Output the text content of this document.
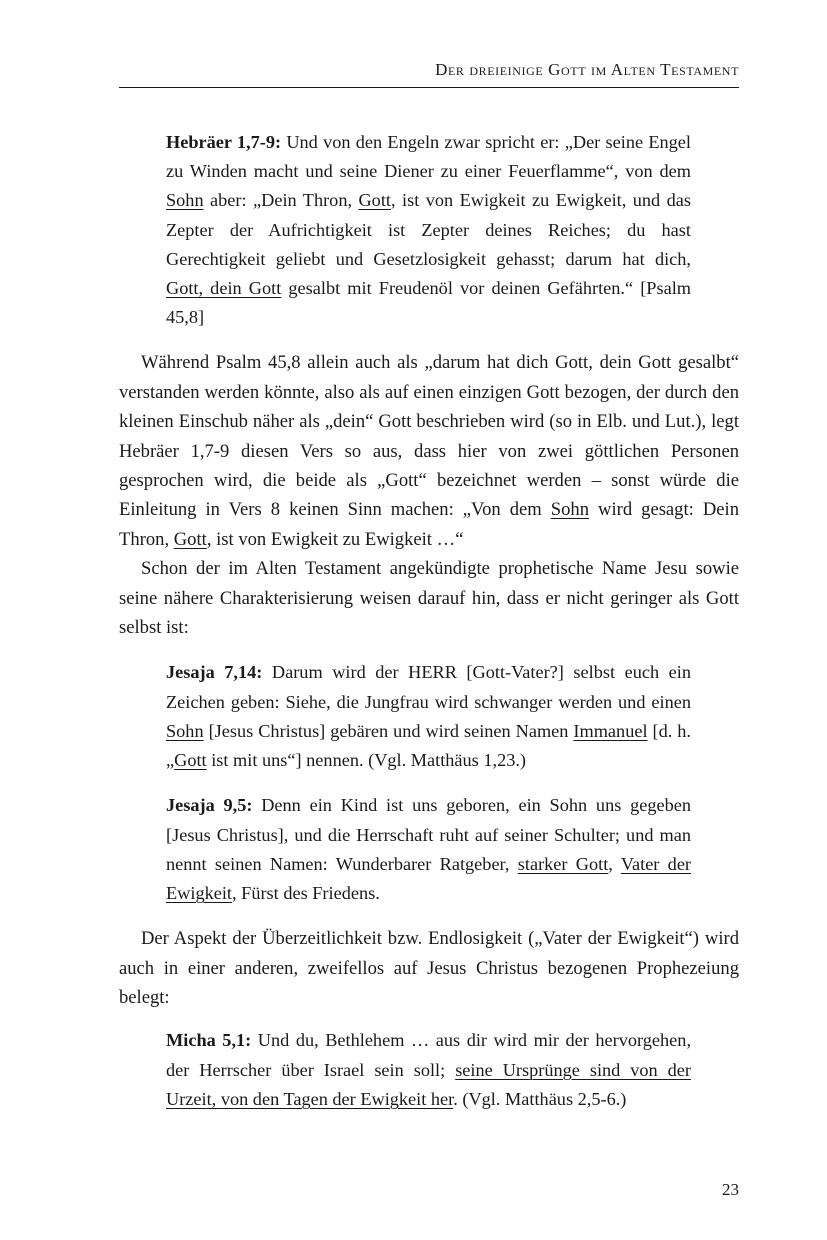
Der dreieinige Gott im Alten Testament

Hebräer 1,7-9: Und von den Engeln zwar spricht er: „Der seine Engel zu Winden macht und seine Diener zu einer Feuerflamme“, von dem Sohn aber: „Dein Thron, Gott, ist von Ewigkeit zu Ewigkeit, und das Zepter der Aufrichtigkeit ist Zepter deines Reiches; du hast Gerechtigkeit geliebt und Gesetzlosigkeit gehasst; darum hat dich, Gott, dein Gott gesalbt mit Freudenöl vor deinen Gefährten.“ [Psalm 45,8]

Während Psalm 45,8 allein auch als „darum hat dich Gott, dein Gott gesalbt“ verstanden werden könnte, also als auf einen einzigen Gott bezogen, der durch den kleinen Einschub näher als „dein“ Gott beschrieben wird (so in Elb. und Lut.), legt Hebräer 1,7-9 diesen Vers so aus, dass hier von zwei göttlichen Personen gesprochen wird, die beide als „Gott“ bezeichnet werden – sonst würde die Einleitung in Vers 8 keinen Sinn machen: „Von dem Sohn wird gesagt: Dein Thron, Gott, ist von Ewigkeit zu Ewigkeit …“

Schon der im Alten Testament angekündigte prophetische Name Jesu sowie seine nähere Charakterisierung weisen darauf hin, dass er nicht geringer als Gott selbst ist:

Jesaja 7,14: Darum wird der HERR [Gott-Vater?] selbst euch ein Zeichen geben: Siehe, die Jungfrau wird schwanger werden und einen Sohn [Jesus Christus] gebären und wird seinen Namen Immanuel [d. h. „Gott ist mit uns“] nennen. (Vgl. Matthäus 1,23.)

Jesaja 9,5: Denn ein Kind ist uns geboren, ein Sohn uns gegeben [Jesus Christus], und die Herrschaft ruht auf seiner Schulter; und man nennt seinen Namen: Wunderbarer Ratgeber, starker Gott, Vater der Ewigkeit, Fürst des Friedens.

Der Aspekt der Überzeitlichkeit bzw. Endlosigkeit („Vater der Ewigkeit“) wird auch in einer anderen, zweifellos auf Jesus Christus bezogenen Prophezeiung belegt:

Micha 5,1: Und du, Bethlehem … aus dir wird mir der hervorgehen, der Herrscher über Israel sein soll; seine Ursprünge sind von der Urzeit, von den Tagen der Ewigkeit her. (Vgl. Matthäus 2,5-6.)

23
